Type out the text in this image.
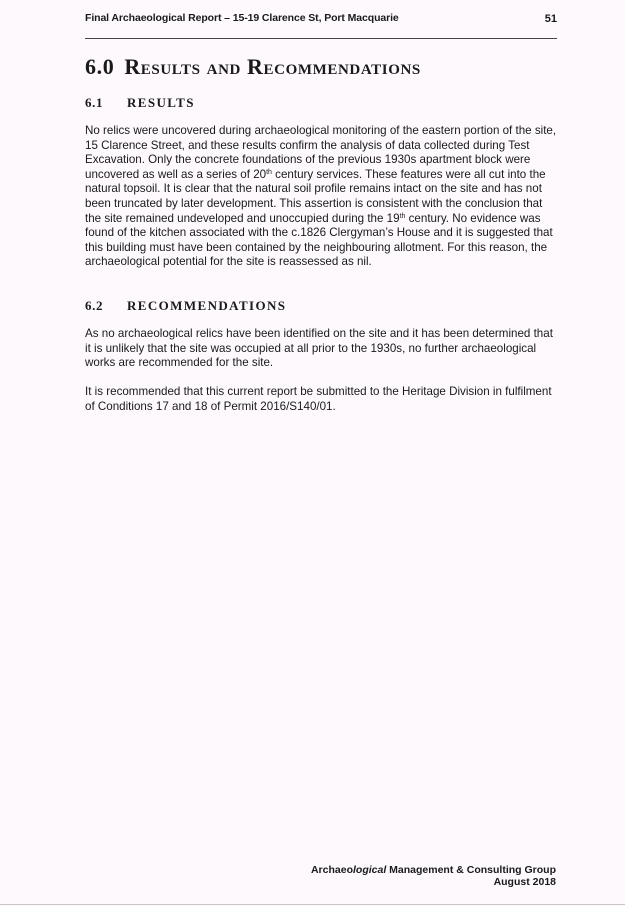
Final Archaeological Report – 15-19 Clarence St, Port Macquarie	51
6.0 Results and Recommendations
6.1 RESULTS

No relics were uncovered during archaeological monitoring of the eastern portion of the site, 15 Clarence Street, and these results confirm the analysis of data collected during Test Excavation. Only the concrete foundations of the previous 1930s apartment block were uncovered as well as a series of 20th century services. These features were all cut into the natural topsoil. It is clear that the natural soil profile remains intact on the site and has not been truncated by later development. This assertion is consistent with the conclusion that the site remained undeveloped and unoccupied during the 19th century. No evidence was found of the kitchen associated with the c.1826 Clergyman’s House and it is suggested that this building must have been contained by the neighbouring allotment. For this reason, the archaeological potential for the site is reassessed as nil.

6.2 RECOMMENDATIONS

As no archaeological relics have been identified on the site and it has been determined that it is unlikely that the site was occupied at all prior to the 1930s, no further archaeological works are recommended for the site.

It is recommended that this current report be submitted to the Heritage Division in fulfilment of Conditions 17 and 18 of Permit 2016/S140/01.

Archaeological Management & Consulting Group
August 2018
